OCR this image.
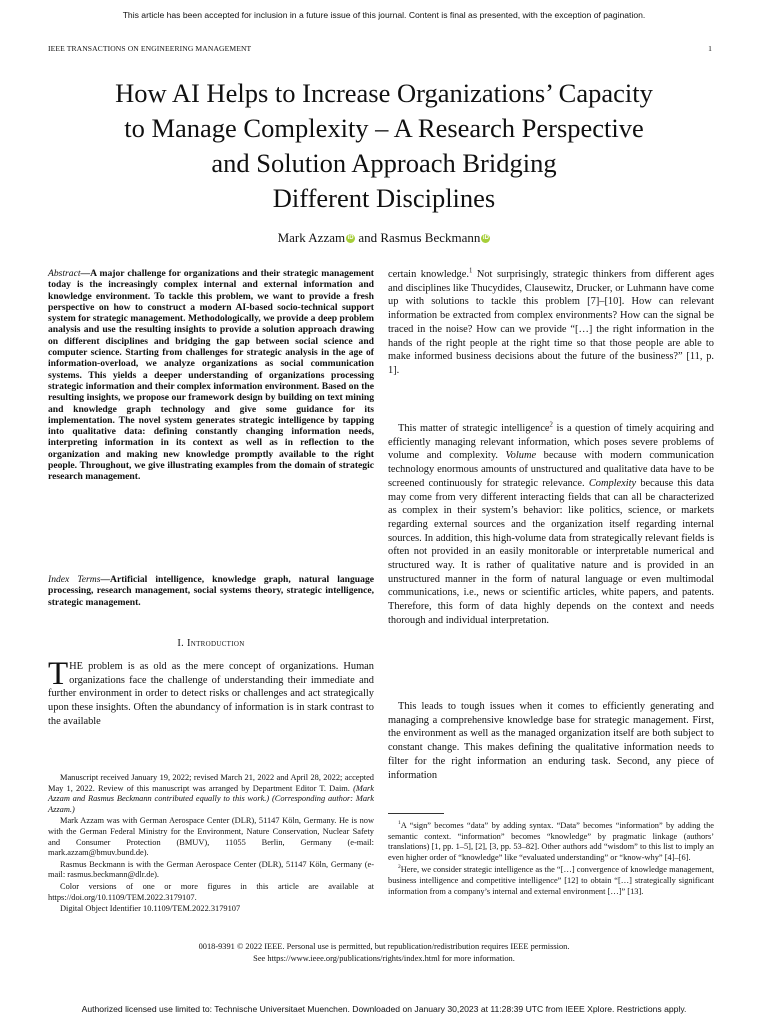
This article has been accepted for inclusion in a future issue of this journal. Content is final as presented, with the exception of pagination.
IEEE TRANSACTIONS ON ENGINEERING MANAGEMENT	1
How AI Helps to Increase Organizations’ Capacity
to Manage Complexity – A Research Perspective
and Solution Approach Bridging
Different Disciplines
Mark Azzam iD and Rasmus Beckmann iD
Abstract—A major challenge for organizations and their strategic management today is the increasingly complex internal and external information and knowledge environment. To tackle this problem, we want to provide a fresh perspective on how to construct a modern AI-based socio-technical support system for strategic management. Methodologically, we provide a deep problem analysis and use the resulting insights to provide a solution approach drawing on different disciplines and bridging the gap between social science and computer science. Starting from challenges for strategic analysis in the age of information-overload, we analyze organizations as social communication systems. This yields a deeper understanding of organizations processing strategic information and their complex information environment. Based on the resulting insights, we propose our framework design by building on text mining and knowledge graph technology and give some guidance for its implementation. The novel system generates strategic intelligence by tapping into qualitative data: defining constantly changing information needs, interpreting information in its context as well as in reflection to the organization and making new knowledge promptly available to the right people. Throughout, we give illustrating examples from the domain of strategic research management.
Index Terms—Artificial intelligence, knowledge graph, natural language processing, research management, social systems theory, strategic intelligence, strategic management.
I. Introduction
THE problem is as old as the mere concept of organizations. Human organizations face the challenge of understanding their immediate and further environment in order to detect risks or challenges and act strategically upon these insights. Often the abundancy of information is in stark contrast to the available

Manuscript received January 19, 2022; revised March 21, 2022 and April 28, 2022; accepted May 1, 2022. Review of this manuscript was arranged by Department Editor T. Daim. (Mark Azzam and Rasmus Beckmann contributed equally to this work.) (Corresponding author: Mark Azzam.)

Mark Azzam was with German Aerospace Center (DLR), 51147 Köln, Germany. He is now with the German Federal Ministry for the Environment, Nature Conservation, Nuclear Safety and Consumer Protection (BMUV), 11055 Berlin, Germany (e-mail: mark.azzam@bmuv.bund.de).

Rasmus Beckmann is with the German Aerospace Center (DLR), 51147 Köln, Germany (e-mail: rasmus.beckmann@dlr.de).

Color versions of one or more figures in this article are available at https://doi.org/10.1109/TEM.2022.3179107.

Digital Object Identifier 10.1109/TEM.2022.3179107

certain knowledge.$^1$ Not surprisingly, strategic thinkers from different ages and disciplines like Thucydides, Clausewitz, Drucker, or Luhmann have come up with solutions to tackle this problem [7]–[10]. How can relevant information be extracted from complex environments? How can the signal be traced in the noise? How can we provide “[…] the right information in the hands of the right people at the right time so that those people are able to make informed business decisions about the future of the business?” [11, p. 1].

This matter of strategic intelligence$^2$ is a question of timely acquiring and efficiently managing relevant information, which poses severe problems of volume and complexity. Volume because with modern communication technology enormous amounts of unstructured and qualitative data have to be screened continuously for strategic relevance. Complexity because this data may come from very different interacting fields that can all be characterized as complex in their system’s behavior: like politics, science, or markets regarding external sources and the organization itself regarding internal sources. In addition, this high-volume data from strategically relevant fields is often not provided in an easily monitorable or interpretable numerical and structured way. It is rather of qualitative nature and is provided in an unstructured manner in the form of natural language or even multimodal communications, i.e., news or scientific articles, white papers, and patents. Therefore, this form of data highly depends on the context and needs thorough and individual interpretation.

This leads to tough issues when it comes to efficiently generating and managing a comprehensive knowledge base for strategic management. First, the environment as well as the managed organization itself are both subject to constant change. This makes defining the qualitative information needs to filter for the right information an enduring task. Second, any piece of information

$^1$A “sign” becomes “data” by adding syntax. “Data” becomes “information” by adding the semantic context. “information” becomes “knowledge” by pragmatic linkage (authors’ translations) [1, pp. 1–5], [2], [3, pp. 53–82]. Other authors add “wisdom” to this list to imply an even higher order of “knowledge” like “evaluated understanding” or “know-why” [4]–[6].

$^2$Here, we consider strategic intelligence as the “[…] convergence of knowledge management, business intelligence and competitive intelligence” [12] to obtain “[…] strategically significant information from a company’s internal and external environment […]” [13].

0018-9391 © 2022 IEEE. Personal use is permitted, but republication/redistribution requires IEEE permission.
See https://www.ieee.org/publications/rights/index.html for more information.
Authorized licensed use limited to: Technische Universitaet Muenchen. Downloaded on January 30,2023 at 11:28:39 UTC from IEEE Xplore. Restrictions apply.
